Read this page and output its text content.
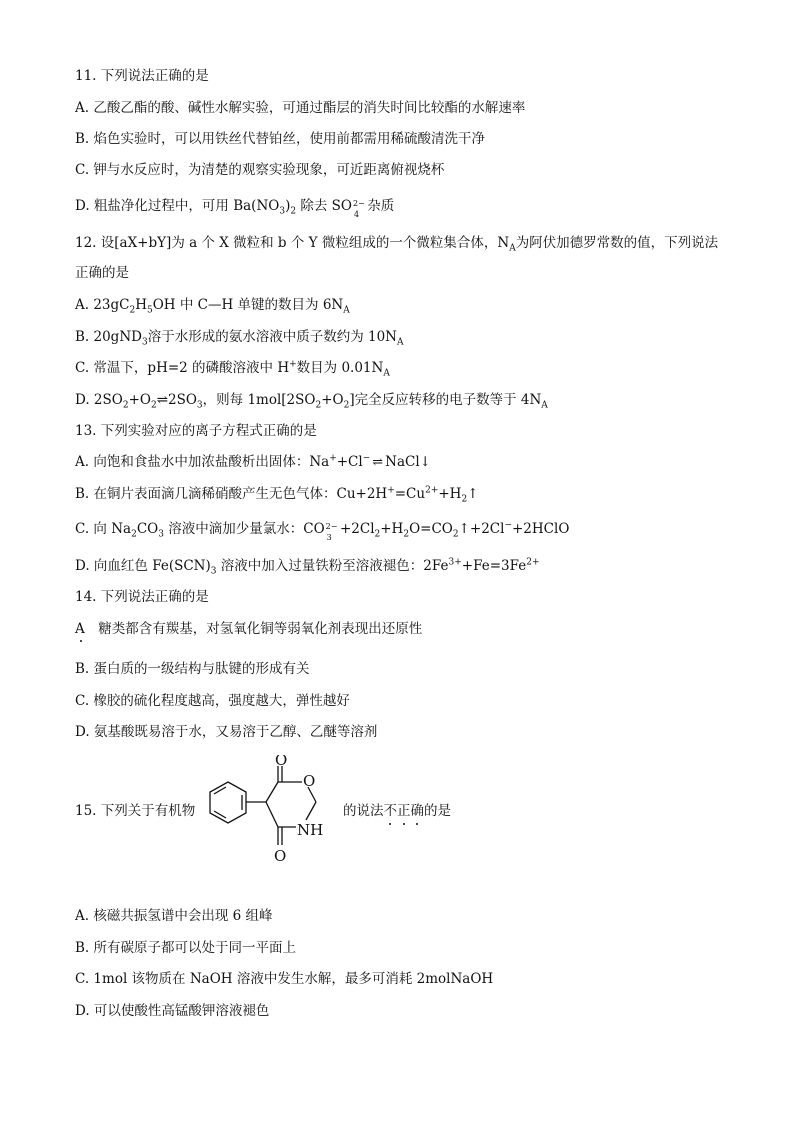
11. 下列说法正确的是
A. 乙酸乙酯的酸、碱性水解实验，可通过酯层的消失时间比较酯的水解速率
B. 焰色实验时，可以用铁丝代替铂丝，使用前都需用稀硫酸清洗干净
C. 钾与水反应时，为清楚的观察实验现象，可近距离俯视烧杯
D. 粗盐净化过程中，可用 $Ba(NO_3)_2$ 除去 SO 2−
4 杂质
12. 设[aX+bY]为 a 个 X 微粒和 b 个 Y 微粒组成的一个微粒集合体，$N_A$为阿伏加德罗常数的值，下列说法
正确的是
A. $23gC_2H_5OH$ 中 C—H 单键的数目为 $6N_A$
B. 20gND$_3$溶于水形成的氨水溶液中质子数约为 $10N_A$
C. 常温下，pH=2 的磷酸溶液中 H+数目为 $0.01N_A$
D. $2SO_2+O_2\rightleftharpoons 2SO_3$，则每 $1mol[2SO_2+O_2]$完全反应转移的电子数等于 $4N_A$
13. 下列实验对应的离子方程式正确的是
A. 向饱和食盐水中加浓盐酸析出固体：Na++Cl− ⇌ NaCl↓
B. 在铜片表面滴几滴稀硝酸产生无色气体：$Cu+2H^+=Cu^{2+}+H_2↑$
C. 向 $Na_2CO_3$ 溶液中滴加少量氯水：CO 2−
$3 +2Cl_2+H_2O=CO_2↑+2Cl^-+2HClO$
D. 向血红色 $Fe(SCN)_3$ 溶液中加入过量铁粉至溶液褪色：$2Fe^{3+}+Fe=3Fe^{2+}$
14. 下列说法正确的是
A　糖类都含有羰基，对氢氧化铜等弱氧化剂表现出还原性
B. 蛋白质的一级结构与肽键的形成有关
C. 橡胶的硫化程度越高，强度越大，弹性越好
D. 氨基酸既易溶于水，又易溶于乙醇、乙醚等溶剂
15. 下列关于有机物
O
O
NH
O
的说法不正确的是
A. 核磁共振氢谱中会出现 6 组峰
B. 所有碳原子都可以处于同一平面上
C. 1mol 该物质在 NaOH 溶液中发生水解，最多可消耗 2molNaOH
D. 可以使酸性高锰酸钾溶液褪色
